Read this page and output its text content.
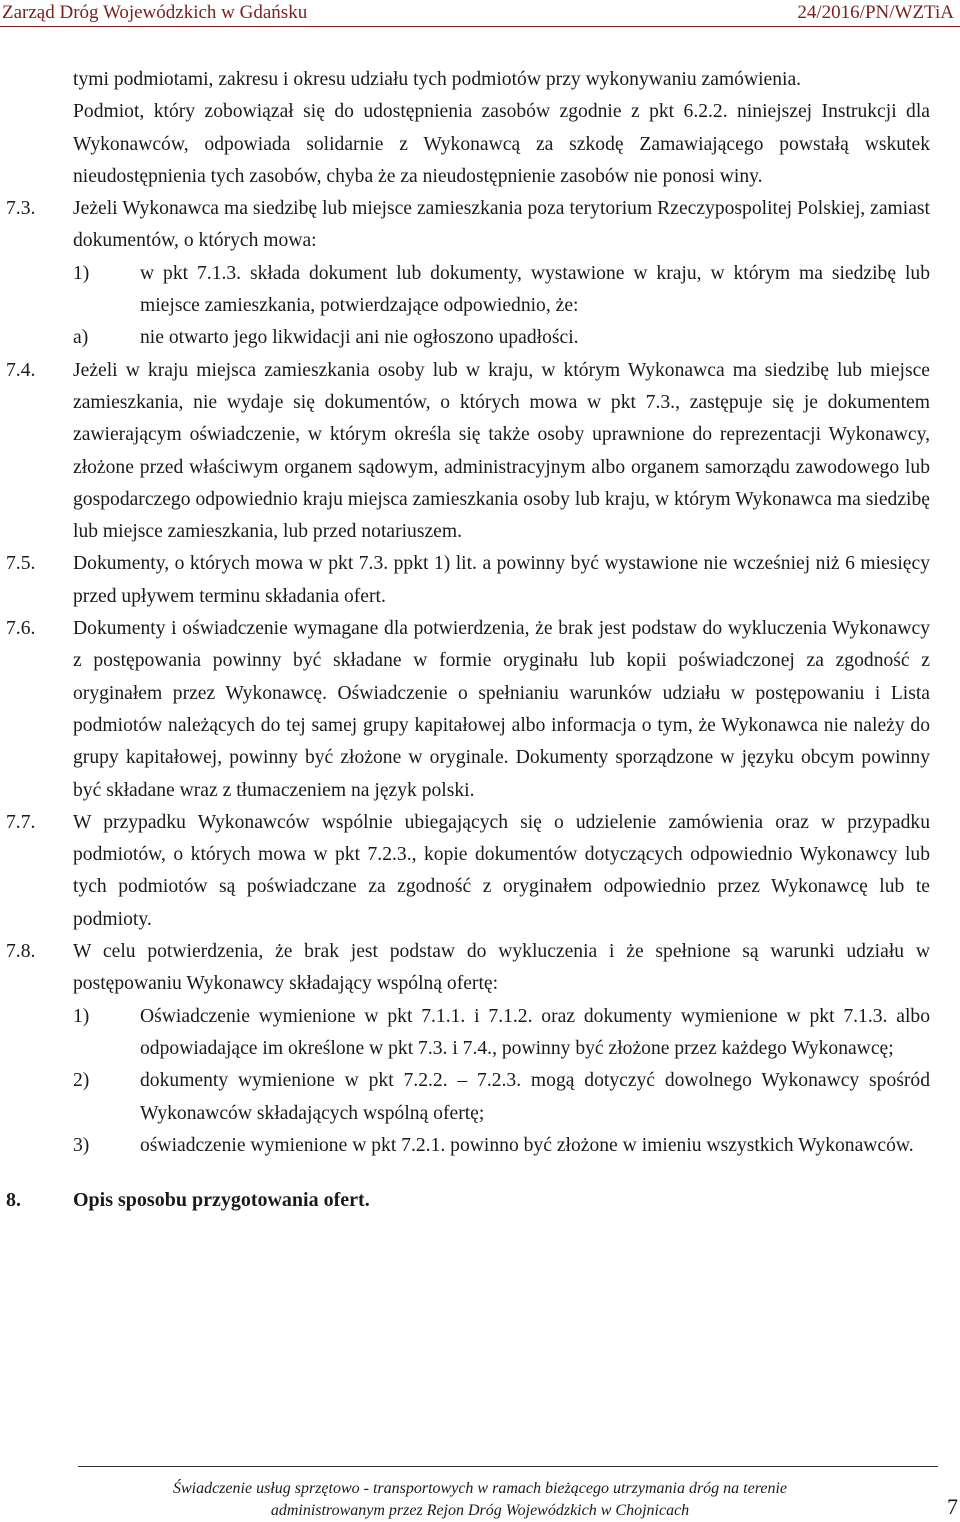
Zarząd Dróg Wojewódzkich w Gdańsku	24/2016/PN/WZTiA
tymi podmiotami, zakresu i okresu udziału tych podmiotów przy wykonywaniu zamówienia.
Podmiot, który zobowiązał się do udostępnienia zasobów zgodnie z pkt 6.2.2. niniejszej Instrukcji dla Wykonawców, odpowiada solidarnie z Wykonawcą za szkodę Zamawiającego powstałą wskutek nieudostępnienia tych zasobów, chyba że za nieudostępnienie zasobów nie ponosi winy.
7.3. Jeżeli Wykonawca ma siedzibę lub miejsce zamieszkania poza terytorium Rzeczypospolitej Polskiej, zamiast dokumentów, o których mowa:
1)	w pkt 7.1.3. składa dokument lub dokumenty, wystawione w kraju, w którym ma siedzibę lub miejsce zamieszkania, potwierdzające odpowiednio, że:
a)	nie otwarto jego likwidacji ani nie ogłoszono upadłości.
7.4. Jeżeli w kraju miejsca zamieszkania osoby lub w kraju, w którym Wykonawca ma siedzibę lub miejsce zamieszkania, nie wydaje się dokumentów, o których mowa w pkt 7.3., zastępuje się je dokumentem zawierającym oświadczenie, w którym określa się także osoby uprawnione do reprezentacji Wykonawcy, złożone przed właściwym organem sądowym, administracyjnym albo organem samorządu zawodowego lub gospodarczego odpowiednio kraju miejsca zamieszkania osoby lub kraju, w którym Wykonawca ma siedzibę lub miejsce zamieszkania, lub przed notariuszem.
7.5. Dokumenty, o których mowa w pkt 7.3. ppkt 1) lit. a powinny być wystawione nie wcześniej niż 6 miesięcy przed upływem terminu składania ofert.
7.6. Dokumenty i oświadczenie wymagane dla potwierdzenia, że brak jest podstaw do wykluczenia Wykonawcy z postępowania powinny być składane w formie oryginału lub kopii poświadczonej za zgodność z oryginałem przez Wykonawcę. Oświadczenie o spełnianiu warunków udziału w postępowaniu i Lista podmiotów należących do tej samej grupy kapitałowej albo informacja o tym, że Wykonawca nie należy do grupy kapitałowej, powinny być złożone w oryginale. Dokumenty sporządzone w języku obcym powinny być składane wraz z tłumaczeniem na język polski.
7.7. W przypadku Wykonawców wspólnie ubiegających się o udzielenie zamówienia oraz w przypadku podmiotów, o których mowa w pkt 7.2.3., kopie dokumentów dotyczących odpowiednio Wykonawcy lub tych podmiotów są poświadczane za zgodność z oryginałem odpowiednio przez Wykonawcę lub te podmioty.
7.8. W celu potwierdzenia, że brak jest podstaw do wykluczenia i że spełnione są warunki udziału w postępowaniu Wykonawcy składający wspólną ofertę:
1)	Oświadczenie wymienione w pkt 7.1.1. i 7.1.2. oraz dokumenty wymienione w pkt 7.1.3. albo odpowiadające im określone w pkt 7.3. i 7.4., powinny być złożone przez każdego Wykonawcę;
2)	dokumenty wymienione w pkt 7.2.2. – 7.2.3. mogą dotyczyć dowolnego Wykonawcy spośród Wykonawców składających wspólną ofertę;
3)	oświadczenie wymienione w pkt 7.2.1. powinno być złożone w imieniu wszystkich Wykonawców.
8.	Opis sposobu przygotowania ofert.
Świadczenie usług sprzętowo - transportowych w ramach bieżącego utrzymania dróg na terenie
administrowanym przez Rejon Dróg Wojewódzkich w Chojnicach	7
